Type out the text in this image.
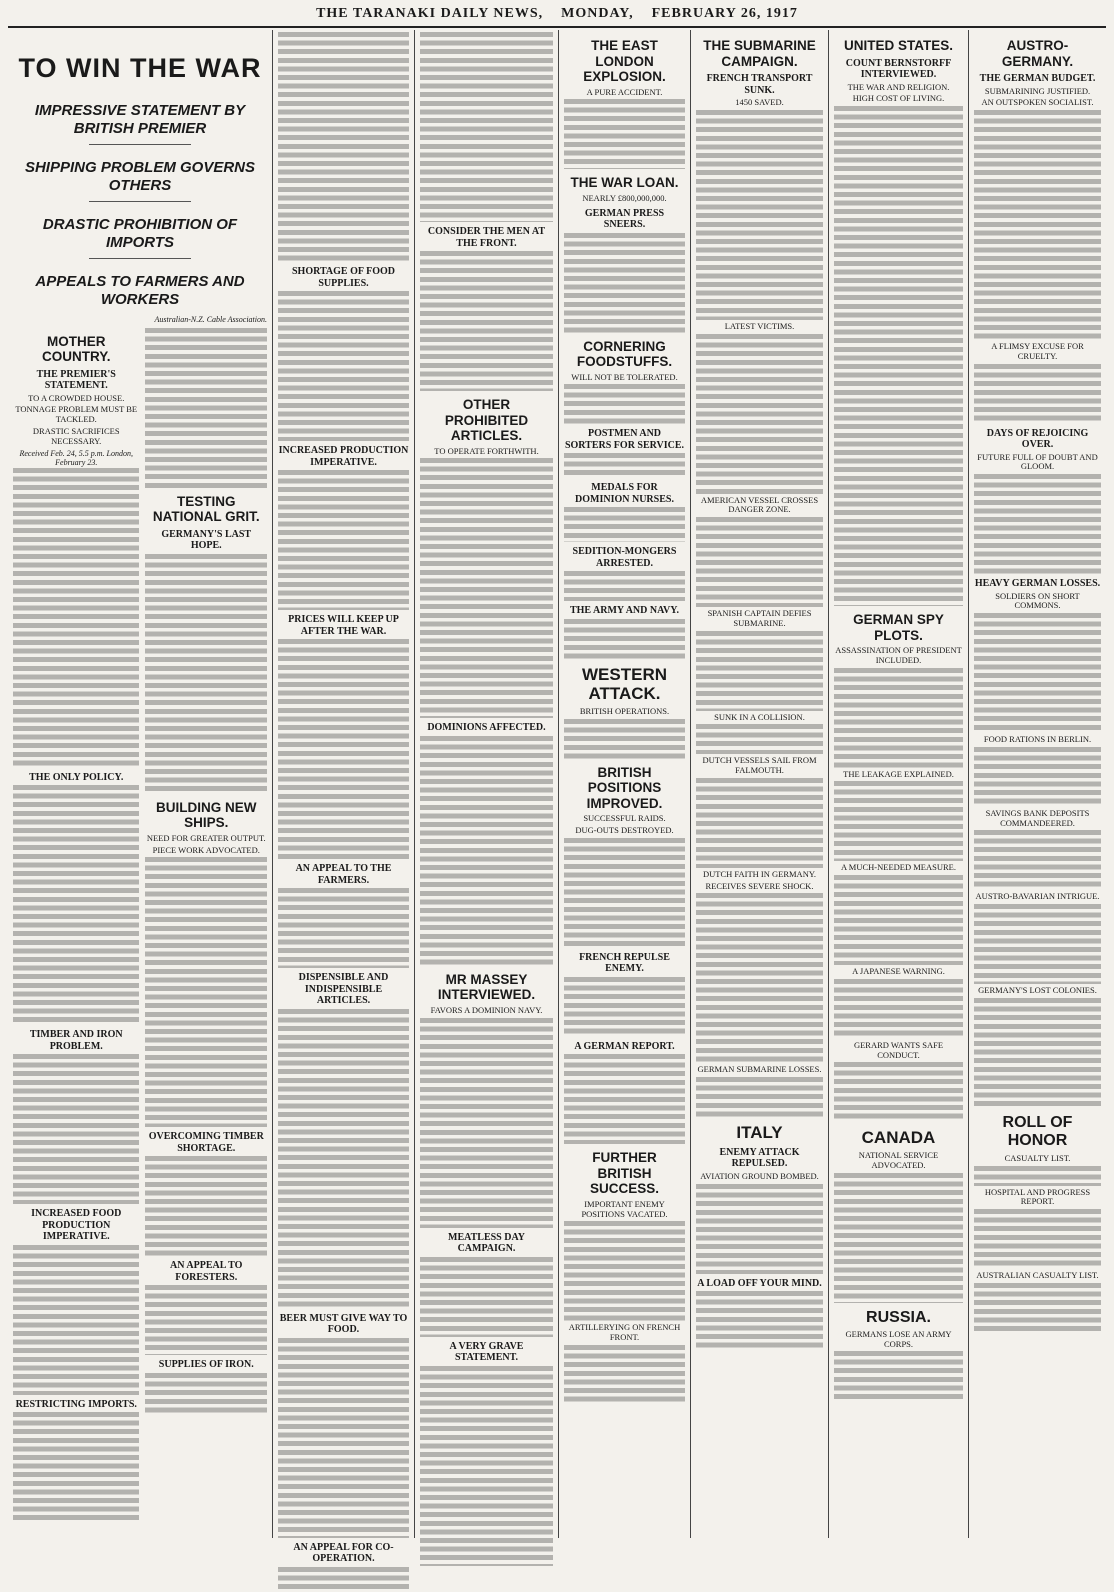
THE TARANAKI DAILY NEWS, MONDAY, FEBRUARY 26, 1917
TO WIN THE WAR
IMPRESSIVE STATEMENT BY BRITISH PREMIER
SHIPPING PROBLEM GOVERNS OTHERS
DRASTIC PROHIBITION OF IMPORTS
APPEALS TO FARMERS AND WORKERS
Australian-N.Z. Cable Association.
MOTHER COUNTRY.
THE PREMIER'S STATEMENT.
TO A CROWDED HOUSE.
TONNAGE PROBLEM MUST BE TACKLED.
DRASTIC SACRIFICES NECESSARY.
Received Feb. 24, 5.5 p.m. London, February 23.
THE ONLY POLICY.
TIMBER AND IRON PROBLEM.
INCREASED FOOD PRODUCTION IMPERATIVE.
RESTRICTING IMPORTS.
TESTING NATIONAL GRIT.
GERMANY'S LAST HOPE.
BUILDING NEW SHIPS.
NEED FOR GREATER OUTPUT.
PIECE WORK ADVOCATED.
OVERCOMING TIMBER SHORTAGE.
AN APPEAL TO FORESTERS.
SUPPLIES OF IRON.
SHORTAGE OF FOOD SUPPLIES.
INCREASED PRODUCTION IMPERATIVE.
PRICES WILL KEEP UP AFTER THE WAR.
AN APPEAL TO THE FARMERS.
DISPENSIBLE AND INDISPENSIBLE ARTICLES.
BEER MUST GIVE WAY TO FOOD.
AN APPEAL FOR CO-OPERATION.
CONSIDER THE MEN AT THE FRONT.
OTHER PROHIBITED ARTICLES.
TO OPERATE FORTHWITH.
DOMINIONS AFFECTED.
MR MASSEY INTERVIEWED.
FAVORS A DOMINION NAVY.
MEATLESS DAY CAMPAIGN.
A VERY GRAVE STATEMENT.
THE EAST LONDON EXPLOSION.
A PURE ACCIDENT.
THE WAR LOAN.
NEARLY £800,000,000.
GERMAN PRESS SNEERS.
CORNERING FOODSTUFFS.
WILL NOT BE TOLERATED.
POSTMEN AND SORTERS FOR SERVICE.
MEDALS FOR DOMINION NURSES.
SEDITION-MONGERS ARRESTED.
THE ARMY AND NAVY.
WESTERN ATTACK.
BRITISH OPERATIONS.
BRITISH POSITIONS IMPROVED.
SUCCESSFUL RAIDS.
DUG-OUTS DESTROYED.
FRENCH REPULSE ENEMY.
A GERMAN REPORT.
FURTHER BRITISH SUCCESS.
IMPORTANT ENEMY POSITIONS VACATED.
ARTILLERYING ON FRENCH FRONT.
THE SUBMARINE CAMPAIGN.
FRENCH TRANSPORT SUNK.
1450 SAVED.
LATEST VICTIMS.
AMERICAN VESSEL CROSSES DANGER ZONE.
SPANISH CAPTAIN DEFIES SUBMARINE.
SUNK IN A COLLISION.
DUTCH VESSELS SAIL FROM FALMOUTH.
DUTCH FAITH IN GERMANY.
RECEIVES SEVERE SHOCK.
GERMAN SUBMARINE LOSSES.
ITALY
ENEMY ATTACK REPULSED.
AVIATION GROUND BOMBED.
A LOAD OFF YOUR MIND.
UNITED STATES.
COUNT BERNSTORFF INTERVIEWED.
THE WAR AND RELIGION.
HIGH COST OF LIVING.
GERMAN SPY PLOTS.
ASSASSINATION OF PRESIDENT INCLUDED.
THE LEAKAGE EXPLAINED.
A MUCH-NEEDED MEASURE.
A JAPANESE WARNING.
GERARD WANTS SAFE CONDUCT.
CANADA
NATIONAL SERVICE ADVOCATED.
RUSSIA.
GERMANS LOSE AN ARMY CORPS.
AUSTRO-GERMANY.
THE GERMAN BUDGET.
SUBMARINING JUSTIFIED.
AN OUTSPOKEN SOCIALIST.
A FLIMSY EXCUSE FOR CRUELTY.
DAYS OF REJOICING OVER.
FUTURE FULL OF DOUBT AND GLOOM.
HEAVY GERMAN LOSSES.
SOLDIERS ON SHORT COMMONS.
FOOD RATIONS IN BERLIN.
SAVINGS BANK DEPOSITS COMMANDEERED.
AUSTRO-BAVARIAN INTRIGUE.
GERMANY'S LOST COLONIES.
ROLL OF HONOR
CASUALTY LIST.
HOSPITAL AND PROGRESS REPORT.
AUSTRALIAN CASUALTY LIST.
